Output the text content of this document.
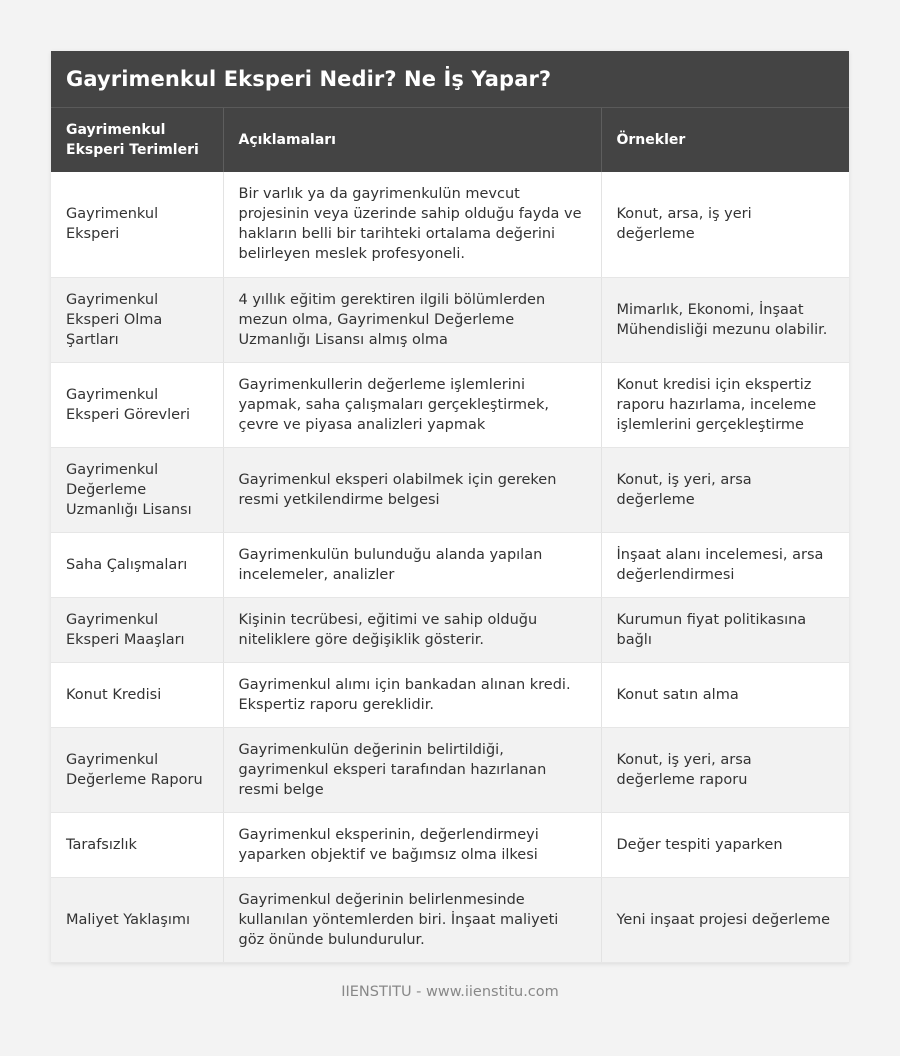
Gayrimenkul Eksperi Nedir? Ne İş Yapar?
Gayrimenkul Eksperi Terimleri	Açıklamaları	Örnekler
Gayrimenkul Eksperi	Bir varlık ya da gayrimenkulün mevcut projesinin veya üzerinde sahip olduğu fayda ve hakların belli bir tarihteki ortalama değerini belirleyen meslek profesyoneli.	Konut, arsa, iş yeri değerleme
Gayrimenkul Eksperi Olma Şartları	4 yıllık eğitim gerektiren ilgili bölümlerden mezun olma, Gayrimenkul Değerleme Uzmanlığı Lisansı almış olma	Mimarlık, Ekonomi, İnşaat Mühendisliği mezunu olabilir.
Gayrimenkul Eksperi Görevleri	Gayrimenkullerin değerleme işlemlerini yapmak, saha çalışmaları gerçekleştirmek, çevre ve piyasa analizleri yapmak	Konut kredisi için ekspertiz raporu hazırlama, inceleme işlemlerini gerçekleştirme
Gayrimenkul Değerleme Uzmanlığı Lisansı	Gayrimenkul eksperi olabilmek için gereken resmi yetkilendirme belgesi	Konut, iş yeri, arsa değerleme
Saha Çalışmaları	Gayrimenkulün bulunduğu alanda yapılan incelemeler, analizler	İnşaat alanı incelemesi, arsa değerlendirmesi
Gayrimenkul Eksperi Maaşları	Kişinin tecrübesi, eğitimi ve sahip olduğu niteliklere göre değişiklik gösterir.	Kurumun fiyat politikasına bağlı
Konut Kredisi	Gayrimenkul alımı için bankadan alınan kredi. Ekspertiz raporu gereklidir.	Konut satın alma
Gayrimenkul Değerleme Raporu	Gayrimenkulün değerinin belirtildiği, gayrimenkul eksperi tarafından hazırlanan resmi belge	Konut, iş yeri, arsa değerleme raporu
Tarafsızlık	Gayrimenkul eksperinin, değerlendirmeyi yaparken objektif ve bağımsız olma ilkesi	Değer tespiti yaparken
Maliyet Yaklaşımı	Gayrimenkul değerinin belirlenmesinde kullanılan yöntemlerden biri. İnşaat maliyeti göz önünde bulundurulur.	Yeni inşaat projesi değerleme
IIENSTITU - www.iienstitu.com
